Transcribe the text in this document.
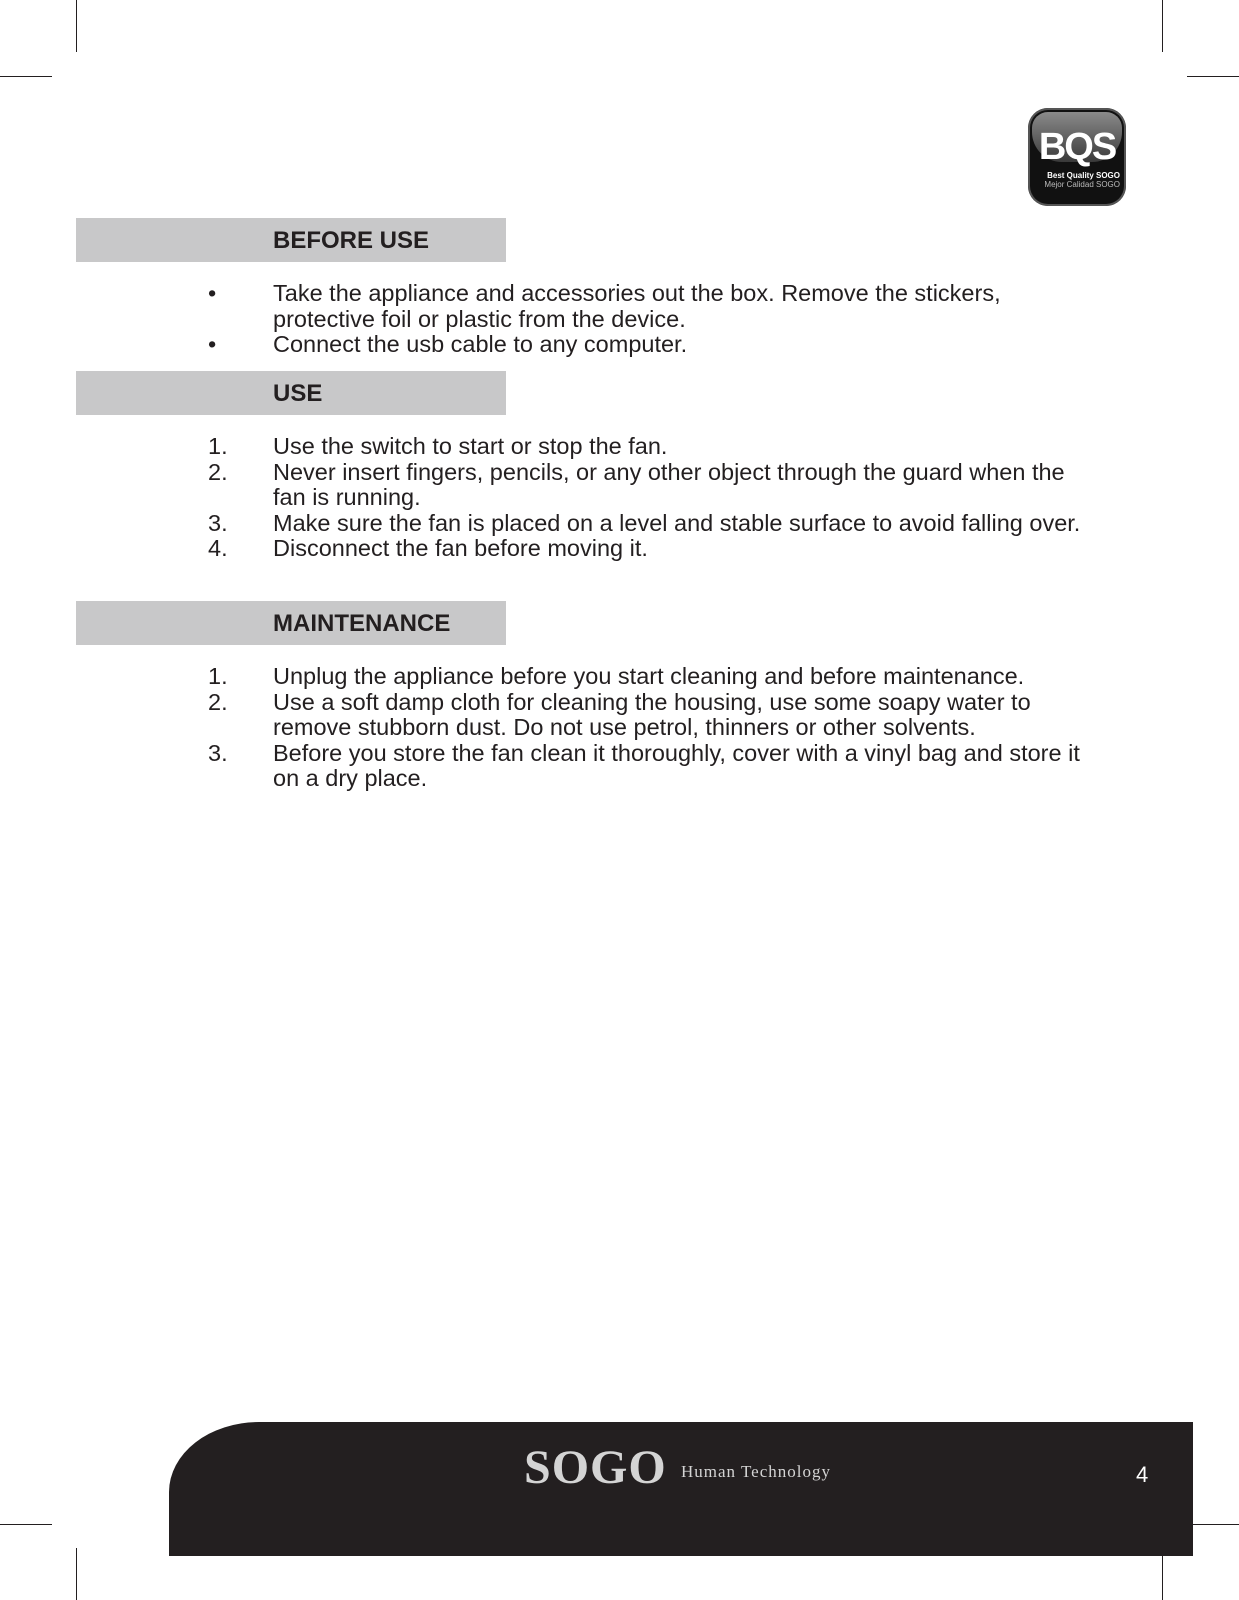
BQS
Best Quality SOGO
Mejor Calidad SOGO
BEFORE USE
• Take the appliance and accessories out the box. Remove the stickers, protective foil or plastic from the device.
• Connect the usb cable to any computer.
USE
1. Use the switch to start or stop the fan.
2. Never insert fingers, pencils, or any other object through the guard when the fan is running.
3. Make sure the fan is placed on a level and stable surface to avoid falling over.
4. Disconnect the fan before moving it.
MAINTENANCE
1. Unplug the appliance before you start cleaning and before maintenance.
2. Use a soft damp cloth for cleaning the housing, use some soapy water to remove stubborn dust. Do not use petrol, thinners or other solvents.
3. Before you store the fan clean it thoroughly, cover with a vinyl bag and store it on a dry place.
SOGO Human Technology	4
